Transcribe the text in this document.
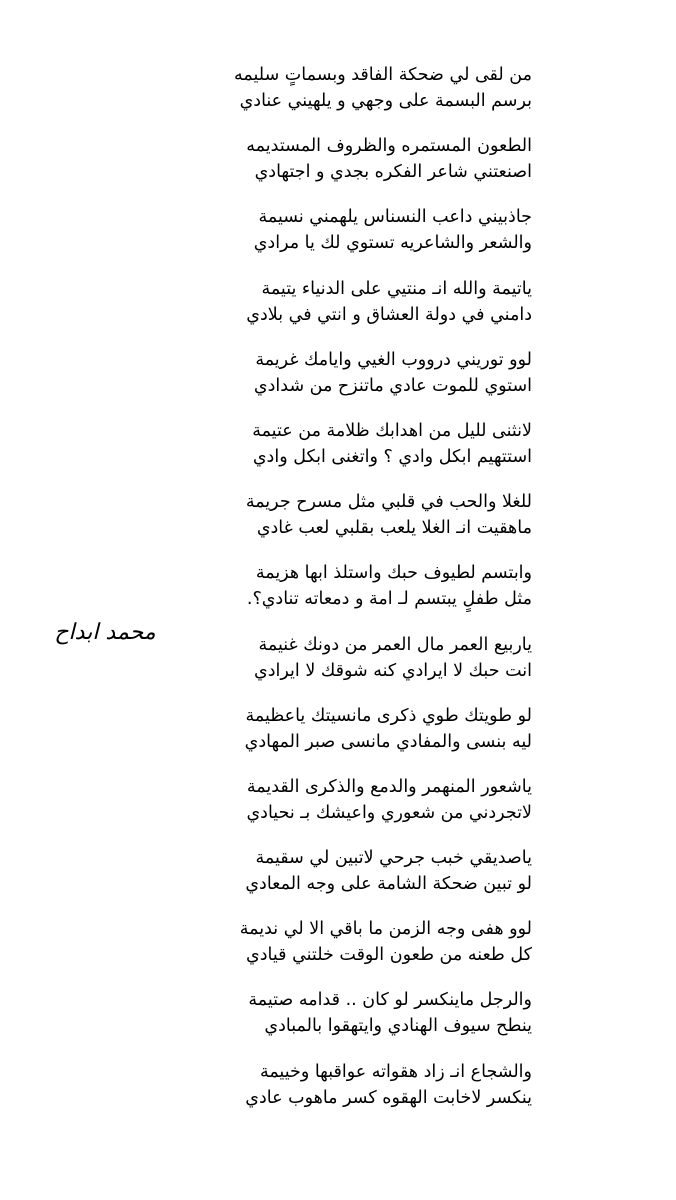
من لقى لي ضحكة الفاقد وبسماتٍ سليمه
برسم البسمة على وجهي و يلهيني عنادي
الطعون المستمره والظروف المستديمه
اصنعتني شاعر الفكره بجدي و اجتهادي
جاذبيني داعب النسناس يلهمني نسيمة
والشعر والشاعريه تستوي لك يا مرادي
ياتيمة والله انـ منتيي على الدنياء يتيمة
دامني في دولة العشاق و انتي في بلادي
لوو توريني درووب الغيي وايامك غريمة
استوي للموت عادي ماتنزح من شدادي
لانثنى لليل من اهدابك ظلامة من عتيمة
استتهيم ابكل وادي ؟ واتغنى ابكل وادي
للغلا والحب في قلبي مثل مسرح جريمة
ماهقيت انـ الغلا يلعب بقلبي لعب غادي
وابتسم لطيوف حبك واستلذ ابها هزيمة
مثل طفلٍ يبتسم لـ امة و دمعاته تنادي؟.
ياربيع العمر مال العمر من دونك غنيمة
انت حبك لا ايرادي كنه شوقك لا ايرادي
لو طويتك طوي ذكرى مانسيتك ياعظيمة
ليه بنسى والمفادي مانسى صبر المهادي
ياشعور المنهمر والدمع والذكرى القديمة
لاتجردني من شعوري واعيشك بـ نحيادي
ياصديقي خبب جرحي لاتبين لي سقيمة
لو تبين ضحكة الشامة على وجه المعادي
لوو هفى وجه الزمن ما باقي الا لي نديمة
كل طعنه من طعون الوقت خلتني قيادي
والرجل ماينكسر لو كان .. قدامه صتيمة
ينطح سيوف الهنادي وايتهقوا بالمبادي
والشجاع انـ زاد هقواته عواقبها وخييمة
ينكسر لاخابت الهقوه كسر ماهوب عادي
محمد ابداح
